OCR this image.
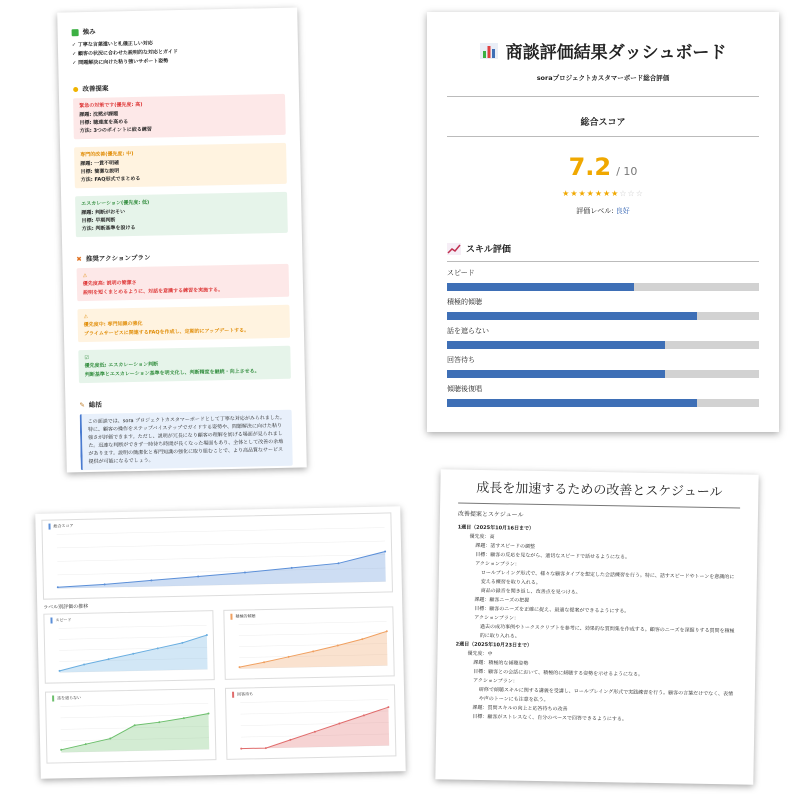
強み
✓ 丁寧な言葉遣いと礼儀正しい対応
✓ 顧客の状況に合わせた説明的な対応とガイド
✓ 問題解決に向けた粘り強いサポート姿勢
● 改善提案
緊急の対策です(優先度: 高)
課題: 沈黙が課題
目標: 聴達度を高める
方法: 3つのポイントに絞る練習
専門的改善(優先度: 中)
課題: 一貫不明確
目標: 簡潔な説明
方法: FAQ形式でまとめる
エスカレーション(優先度: 低)
課題: 判断がおそい
目標: 早期判断
方法: 判断基準を設ける
✖ 推奨アクションプラン
⚠
優先度高: 説明の簡潔さ
説明を短くまとめるように、対話を意識する練習を実施する。
⚠
優先度中: 専門知識の強化
プライムサービスに関連するFAQを作成し、定期的にアップデートする。
☑
優先度低: エスカレーション判断
判断基準とエスカレーション基準を明文化し、判断精度を継続・向上させる。
✎ 総括
この面談では、sora プロジェクトカスタマーボードとして丁寧な対応がみられました。特に、顧客の操作をステップバイステップでガイドする姿勢や、問題解決に向けた粘り強さが評価できます。ただし、説明が冗長になり顧客の理解を妨げる場面が見られました。迅速な判断ができず一時待ち時間が長くなった場面もあり、全体として改善の余地があります。説明の簡潔化と専門知識の強化に取り組むことで、より高品質なサービス提供が可能になるでしょう。
商談評価結果ダッシュボード
soraプロジェクトカスタマーボード総合評価
総合スコア
7.2 / 10
★★★★★★★☆☆☆
評価レベル: 良好
スキル評価
スピード
積極的傾聴
話を遮らない
回答待ち
傾聴後復唱
総合スコア
ラベル別評価の推移
スピード
積極的傾聴
話を遮らない
回答待ち
成長を加速するための改善とスケジュール
改善提案とスケジュール
1週目（2025年10月16日まで）
優先度：高
課題：話すスピードの調整
目標：顧客の反応を見ながら、適切なスピードで話せるようになる。
アクションプラン：
ロールプレイング形式で、様々な顧客タイプを想定した会話練習を行う。特に、話すスピードやトーンを意識的に変える練習を取り入れる。
商品の録音を聞き返し、改善点を見つける。
課題：顧客ニーズの把握
目標：顧客のニーズを正確に捉え、最適な提案ができるようにする。
アクションプラン：
過去の成功事例やトークスクリプトを参考に、効果的な質問集を作成する。顧客のニーズを深掘りする質問を積極的に取り入れる。
2週目（2025年10月23日まで）
優先度：中
課題：積極的な傾聴姿勢
目標：顧客との会話において、積極的に傾聴する姿勢を示せるようになる。
アクションプラン：
研修で傾聴スキルに関する講義を受講し、ロールプレイング形式で実践練習を行う。顧客の言葉だけでなく、表情や声のトーンにも注意を払う。
課題：質問スキルの向上と応答待ちの改善
目標：顧客がストレスなく、自分のペースで回答できるようにする。
